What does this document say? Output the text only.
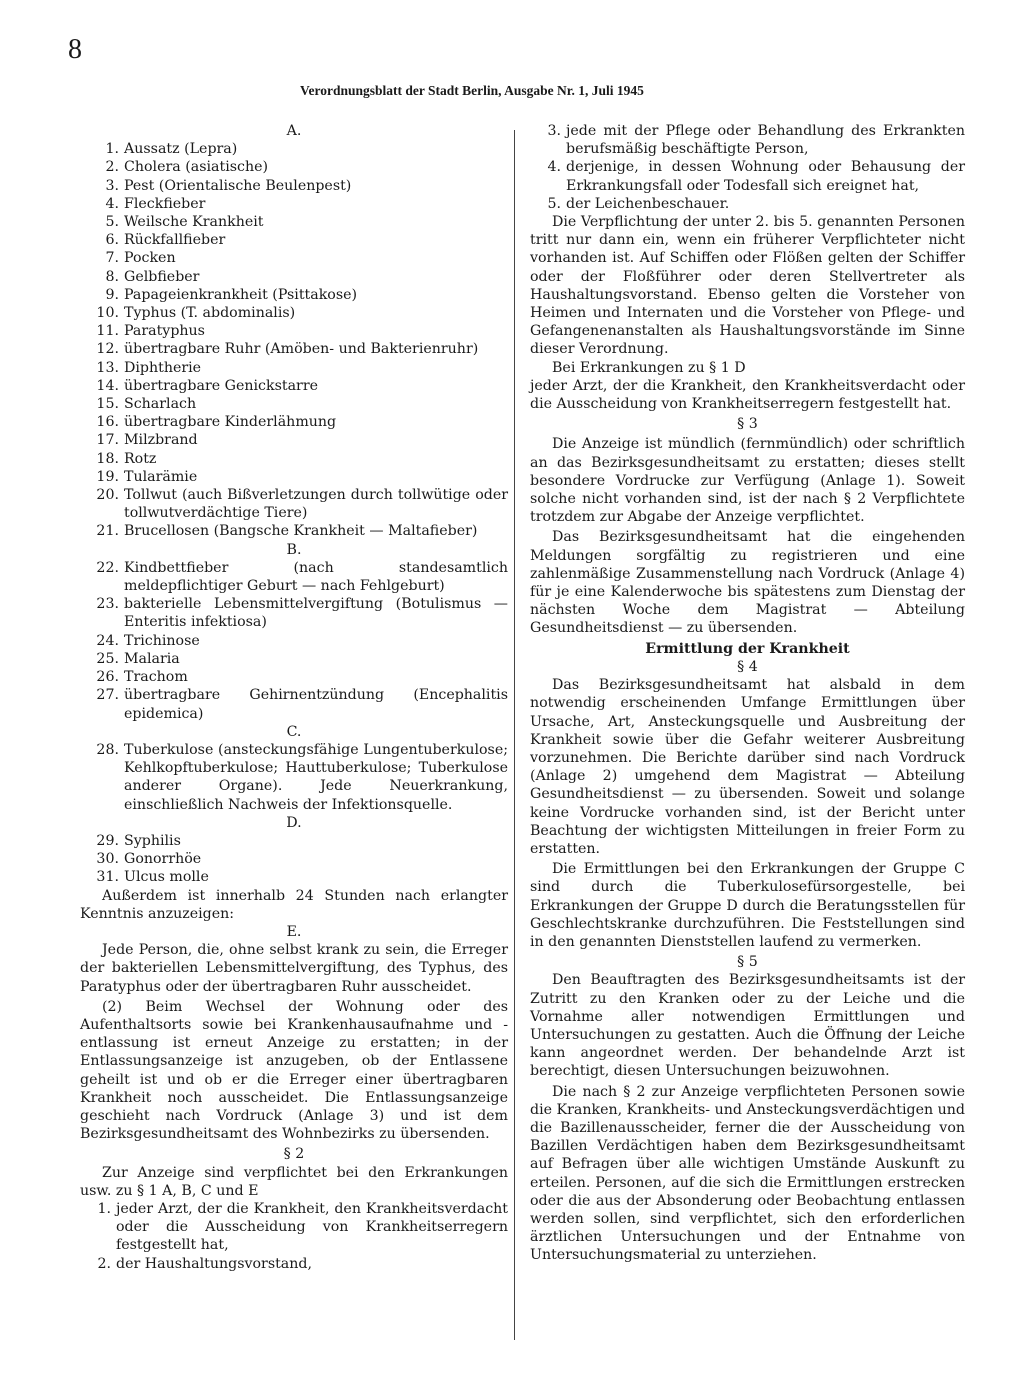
8
Verordnungsblatt der Stadt Berlin, Ausgabe Nr. 1, Juli 1945
A.
1. Aussatz (Lepra)
2. Cholera (asiatische)
3. Pest (Orientalische Beulenpest)
4. Fleckfieber
5. Weilsche Krankheit
6. Rückfallfieber
7. Pocken
8. Gelbfieber
9. Papageienkrankheit (Psittakose)
10. Typhus (T. abdominalis)
11. Paratyphus
12. übertragbare Ruhr (Amöben- und Bakterienruhr)
13. Diphtherie
14. übertragbare Genickstarre
15. Scharlach
16. übertragbare Kinderlähmung
17. Milzbrand
18. Rotz
19. Tularämie
20. Tollwut (auch Bißverletzungen durch tollwütige oder tollwutverdächtige Tiere)
21. Brucellosen (Bangsche Krankheit — Maltafieber)
B.
22. Kindbettfieber (nach standesamtlich meldepflichtiger Geburt — nach Fehlgeburt)
23. bakterielle Lebensmittelvergiftung (Botulismus — Enteritis infektiosa)
24. Trichinose
25. Malaria
26. Trachom
27. übertragbare Gehirnentzündung (Encephalitis epidemica)
C.
28. Tuberkulose (ansteckungsfähige Lungentuberkulose; Kehlkopftuberkulose; Hauttuberkulose; Tuberkulose anderer Organe). Jede Neuerkrankung, einschließlich Nachweis der Infektionsquelle.
D.
29. Syphilis
30. Gonorrhöe
31. Ulcus molle
Außerdem ist innerhalb 24 Stunden nach erlangter Kenntnis anzuzeigen:
E.
Jede Person, die, ohne selbst krank zu sein, die Erreger der bakteriellen Lebensmittelvergiftung, des Typhus, des Paratyphus oder der übertragbaren Ruhr ausscheidet.
(2) Beim Wechsel der Wohnung oder des Aufenthaltsorts sowie bei Krankenhausaufnahme und -entlassung ist erneut Anzeige zu erstatten; in der Entlassungsanzeige ist anzugeben, ob der Entlassene geheilt ist und ob er die Erreger einer übertragbaren Krankheit noch ausscheidet. Die Entlassungsanzeige geschieht nach Vordruck (Anlage 3) und ist dem Bezirksgesundheitsamt des Wohnbezirks zu übersenden.
§ 2
Zur Anzeige sind verpflichtet bei den Erkrankungen usw. zu § 1 A, B, C und E
1. jeder Arzt, der die Krankheit, den Krankheitsverdacht oder die Ausscheidung von Krankheitserregern festgestellt hat,
2. der Haushaltungsvorstand,
3. jede mit der Pflege oder Behandlung des Erkrankten berufsmäßig beschäftigte Person,
4. derjenige, in dessen Wohnung oder Behausung der Erkrankungsfall oder Todesfall sich ereignet hat,
5. der Leichenbeschauer.
Die Verpflichtung der unter 2. bis 5. genannten Personen tritt nur dann ein, wenn ein früherer Verpflichteter nicht vorhanden ist. Auf Schiffen oder Flößen gelten der Schiffer oder der Floßführer oder deren Stellvertreter als Haushaltungsvorstand. Ebenso gelten die Vorsteher von Heimen und Internaten und die Vorsteher von Pflege- und Gefangenenanstalten als Haushaltungsvorstände im Sinne dieser Verordnung.
Bei Erkrankungen zu § 1 D
jeder Arzt, der die Krankheit, den Krankheitsverdacht oder die Ausscheidung von Krankheitserregern festgestellt hat.
§ 3
Die Anzeige ist mündlich (fernmündlich) oder schriftlich an das Bezirksgesundheitsamt zu erstatten; dieses stellt besondere Vordrucke zur Verfügung (Anlage 1). Soweit solche nicht vorhanden sind, ist der nach § 2 Verpflichtete trotzdem zur Abgabe der Anzeige verpflichtet.
Das Bezirksgesundheitsamt hat die eingehenden Meldungen sorgfältig zu registrieren und eine zahlenmäßige Zusammenstellung nach Vordruck (Anlage 4) für je eine Kalenderwoche bis spätestens zum Dienstag der nächsten Woche dem Magistrat — Abteilung Gesundheitsdienst — zu übersenden.
Ermittlung der Krankheit
§ 4
Das Bezirksgesundheitsamt hat alsbald in dem notwendig erscheinenden Umfange Ermittlungen über Ursache, Art, Ansteckungsquelle und Ausbreitung der Krankheit sowie über die Gefahr weiterer Ausbreitung vorzunehmen. Die Berichte darüber sind nach Vordruck (Anlage 2) umgehend dem Magistrat — Abteilung Gesundheitsdienst — zu übersenden. Soweit und solange keine Vordrucke vorhanden sind, ist der Bericht unter Beachtung der wichtigsten Mitteilungen in freier Form zu erstatten.
Die Ermittlungen bei den Erkrankungen der Gruppe C sind durch die Tuberkulosefürsorgestelle, bei Erkrankungen der Gruppe D durch die Beratungsstellen für Geschlechtskranke durchzuführen. Die Feststellungen sind in den genannten Dienststellen laufend zu vermerken.
§ 5
Den Beauftragten des Bezirksgesundheitsamts ist der Zutritt zu den Kranken oder zu der Leiche und die Vornahme aller notwendigen Ermittlungen und Untersuchungen zu gestatten. Auch die Öffnung der Leiche kann angeordnet werden. Der behandelnde Arzt ist berechtigt, diesen Untersuchungen beizuwohnen.
Die nach § 2 zur Anzeige verpflichteten Personen sowie die Kranken, Krankheits- und Ansteckungsverdächtigen und die Bazillenausscheider, ferner die der Ausscheidung von Bazillen Verdächtigen haben dem Bezirksgesundheitsamt auf Befragen über alle wichtigen Umstände Auskunft zu erteilen. Personen, auf die sich die Ermittlungen erstrecken oder die aus der Absonderung oder Beobachtung entlassen werden sollen, sind verpflichtet, sich den erforderlichen ärztlichen Untersuchungen und der Entnahme von Untersuchungsmaterial zu unterziehen.
